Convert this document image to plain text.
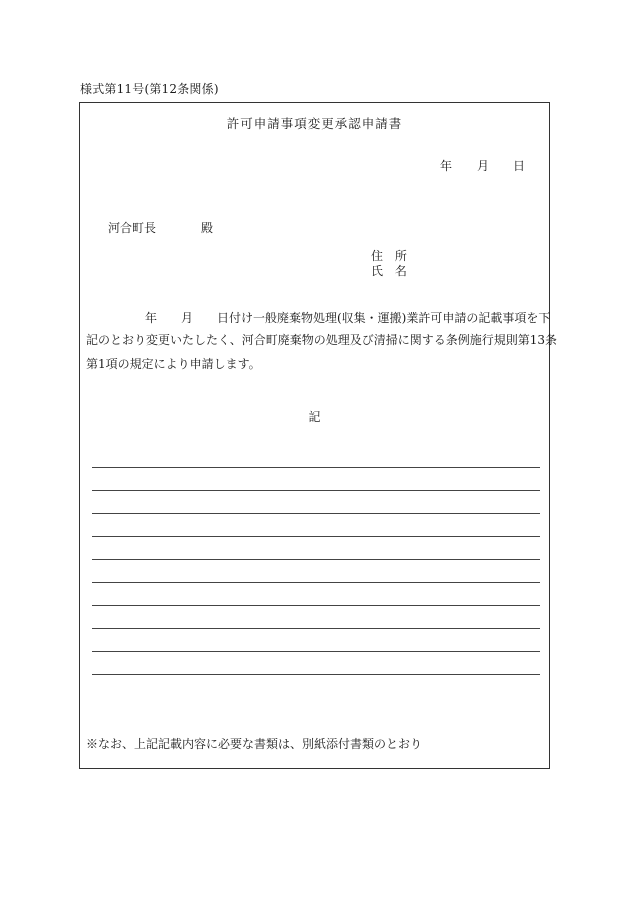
様式第11号(第12条関係)
許可申請事項変更承認申請書
年 月 日
河合町長	殿
住 所
氏 名
年 月 日付け一般廃棄物処理(収集・運搬)業許可申請の記載事項を下
記のとおり変更いたしたく、河合町廃棄物の処理及び清掃に関する条例施行規則第13条
第1項の規定により申請します。
記
※なお、上記記載内容に必要な書類は、別紙添付書類のとおり
